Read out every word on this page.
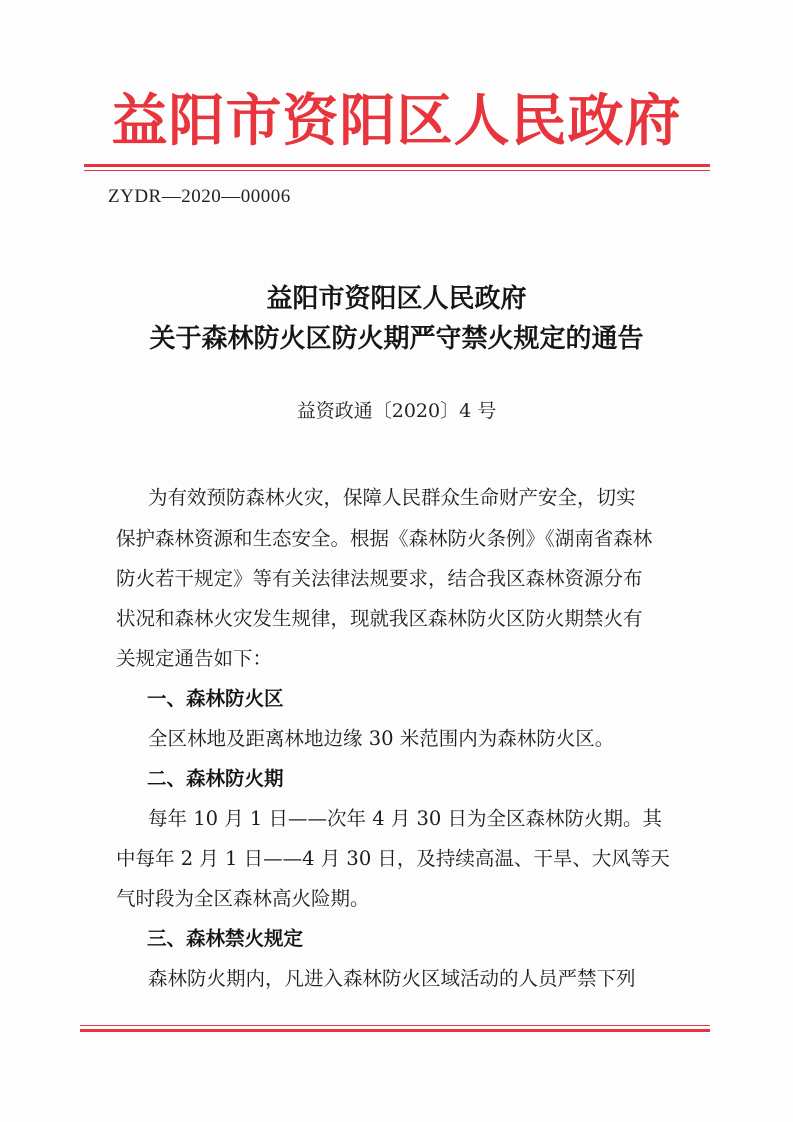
益阳市资阳区人民政府
ZYDR—2020—00006
益阳市资阳区人民政府
关于森林防火区防火期严守禁火规定的通告
益资政通〔2020〕4 号
为有效预防森林火灾，保障人民群众生命财产安全，切实
保护森林资源和生态安全。根据《森林防火条例》《湖南省森林
防火若干规定》等有关法律法规要求，结合我区森林资源分布
状况和森林火灾发生规律，现就我区森林防火区防火期禁火有
关规定通告如下：
一、森林防火区
全区林地及距离林地边缘 30 米范围内为森林防火区。
二、森林防火期
每年 10 月 1 日——次年 4 月 30 日为全区森林防火期。其
中每年 2 月 1 日——4 月 30 日，及持续高温、干旱、大风等天
气时段为全区森林高火险期。
三、森林禁火规定
森林防火期内，凡进入森林防火区域活动的人员严禁下列
